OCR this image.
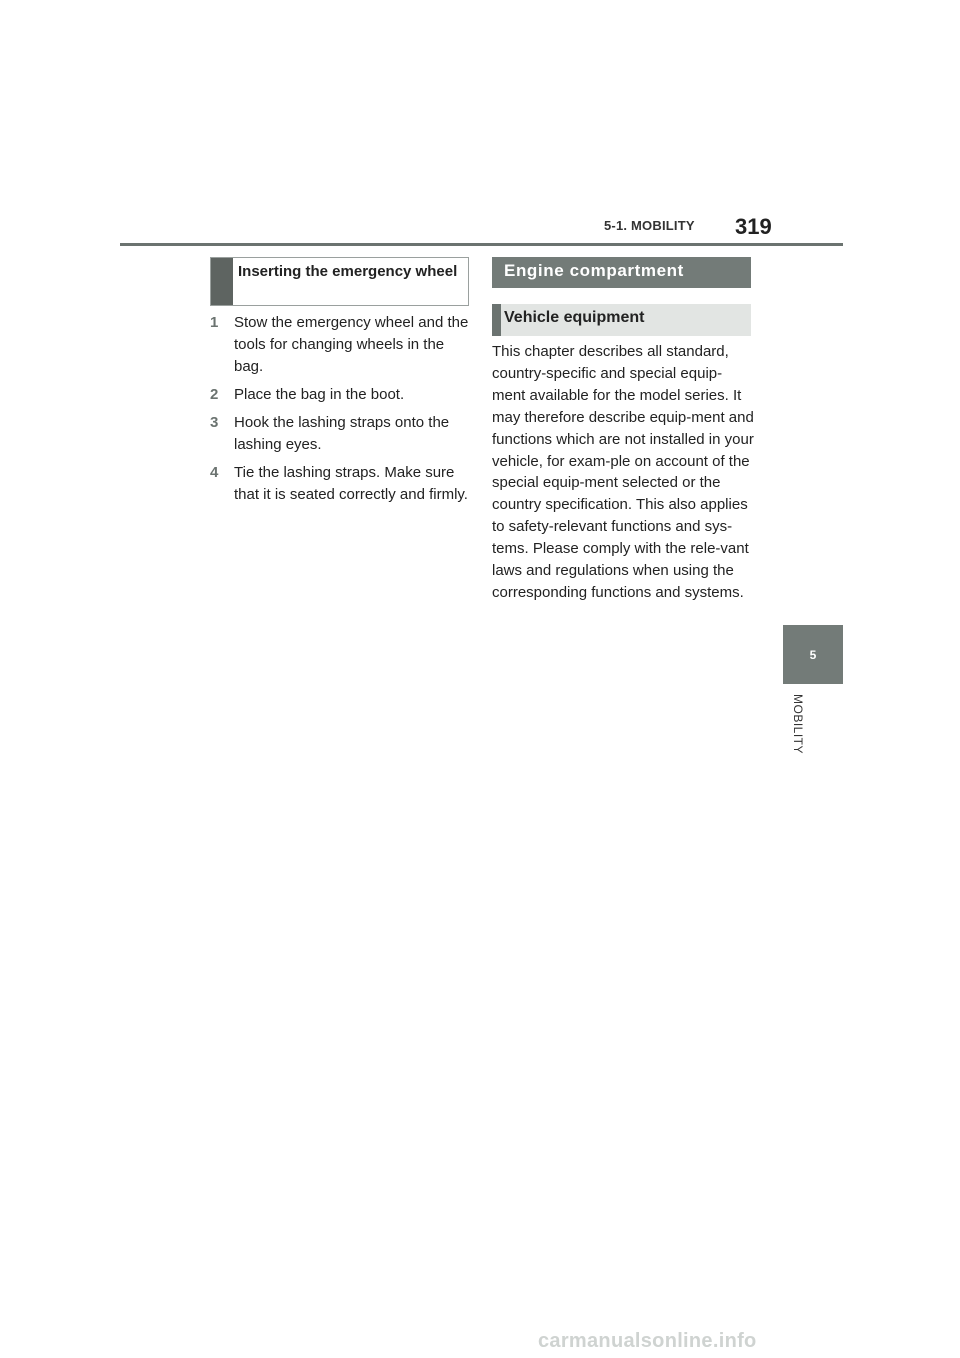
5-1. MOBILITY 319
5
MOBILITY
Inserting the emergency wheel
1	Stow the emergency wheel and the tools for changing wheels in the bag.
2	Place the bag in the boot.
3	Hook the lashing straps onto the lashing eyes.
4	Tie the lashing straps. Make sure that it is seated correctly and firmly.
Engine compartment
Vehicle equipment

This chapter describes all standard, country-specific and special equip-ment available for the model series. It may therefore describe equip-ment and functions which are not installed in your vehicle, for exam-ple on account of the special equip-ment selected or the country specification. This also applies to safety-relevant functions and sys-tems. Please comply with the rele-vant laws and regulations when using the corresponding functions and systems.

carmanualsonline.info
